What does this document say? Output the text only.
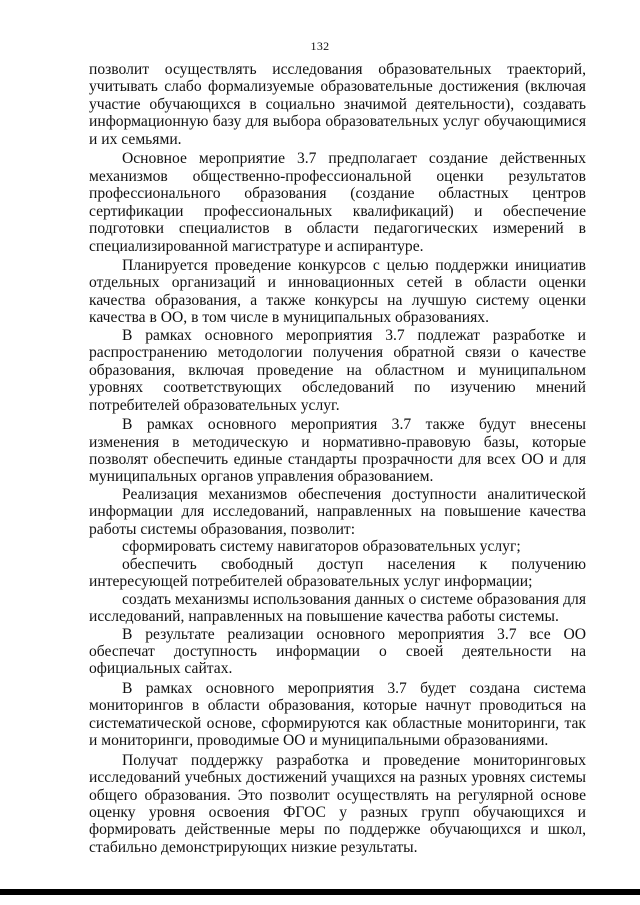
132

позволит осуществлять исследования образовательных траекторий, учитывать слабо формализуемые образовательные достижения (включая участие обучающихся в социально значимой деятельности), создавать информационную базу для выбора образовательных услуг обучающимися и их семьями.

Основное мероприятие 3.7 предполагает создание действенных механизмов общественно-профессиональной оценки результатов профессионального образования (создание областных центров сертификации профессиональных квалификаций) и обеспечение подготовки специалистов в области педагогических измерений в специализированной магистратуре и аспирантуре.

Планируется проведение конкурсов с целью поддержки инициатив отдельных организаций и инновационных сетей в области оценки качества образования, а также конкурсы на лучшую систему оценки качества в ОО, в том числе в муниципальных образованиях.

В рамках основного мероприятия 3.7 подлежат разработке и распространению методологии получения обратной связи о качестве образования, включая проведение на областном и муниципальном уровнях соответствующих обследований по изучению мнений потребителей образовательных услуг.

В рамках основного мероприятия 3.7 также будут внесены изменения в методическую и нормативно-правовую базы, которые позволят обеспечить единые стандарты прозрачности для всех ОО и для муниципальных органов управления образованием.

Реализация механизмов обеспечения доступности аналитической информации для исследований, направленных на повышение качества работы системы образования, позволит:

сформировать систему навигаторов образовательных услуг;

обеспечить свободный доступ населения к получению интересующей потребителей образовательных услуг информации;

создать механизмы использования данных о системе образования для исследований, направленных на повышение качества работы системы.

В результате реализации основного мероприятия 3.7 все ОО обеспечат доступность информации о своей деятельности на официальных сайтах.

В рамках основного мероприятия 3.7 будет создана система мониторингов в области образования, которые начнут проводиться на систематической основе, сформируются как областные мониторинги, так и мониторинги, проводимые ОО и муниципальными образованиями.

Получат поддержку разработка и проведение мониторинговых исследований учебных достижений учащихся на разных уровнях системы общего образования. Это позволит осуществлять на регулярной основе оценку уровня освоения ФГОС у разных групп обучающихся и формировать действенные меры по поддержке обучающихся и школ, стабильно демонстрирующих низкие результаты.
